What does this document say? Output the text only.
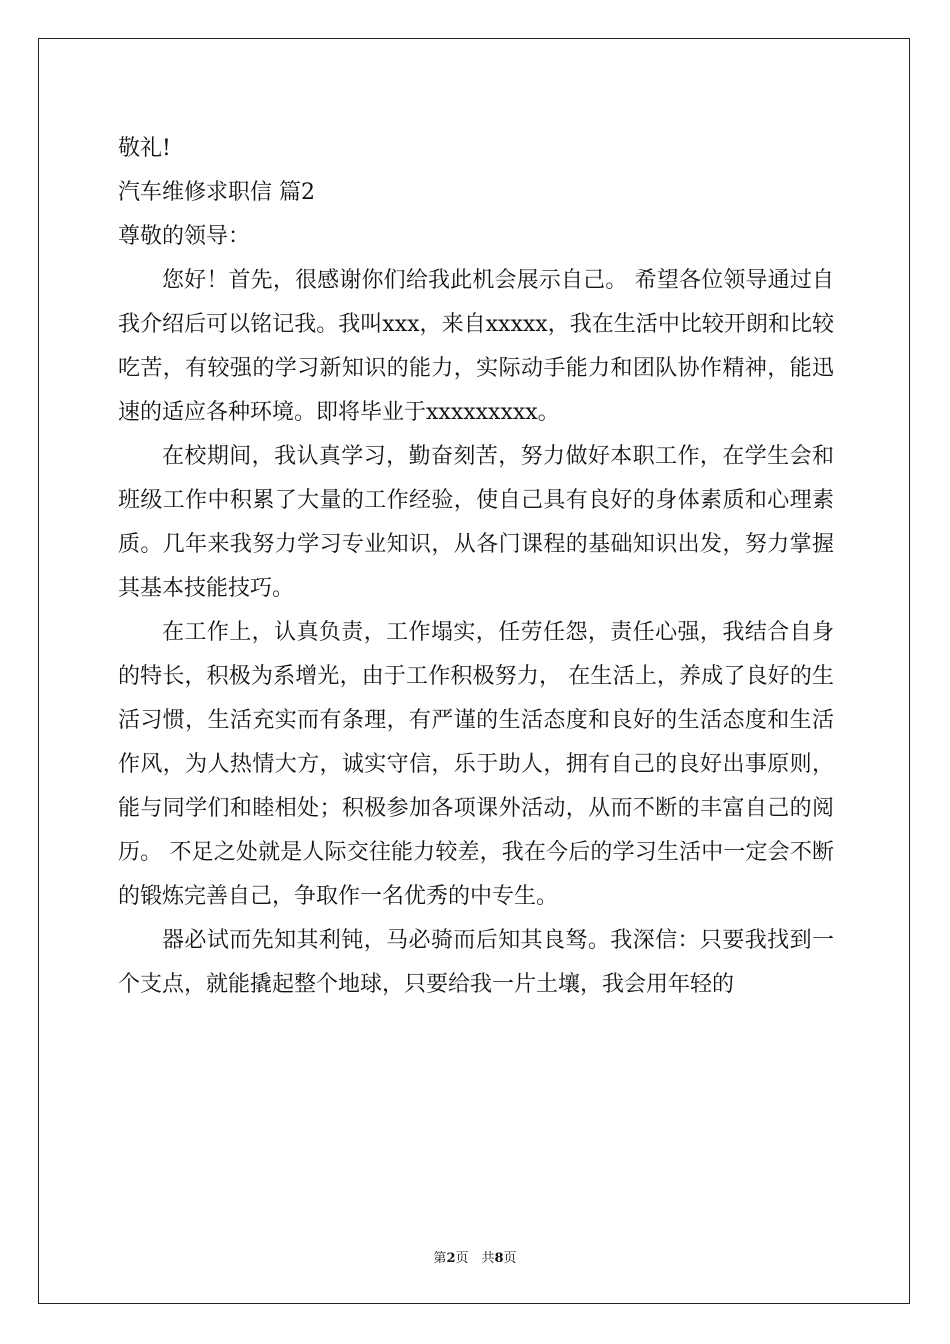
敬礼!

汽车维修求职信 篇2

尊敬的领导：

您好！首先，很感谢你们给我此机会展示自己。 希望各位领导通过自我介绍后可以铭记我。我叫xxx，来自xxxxx，我在生活中比较开朗和比较吃苦，有较强的学习新知识的能力，实际动手能力和团队协作精神，能迅速的适应各种环境。即将毕业于xxxxxxxxx。

在校期间，我认真学习，勤奋刻苦，努力做好本职工作，在学生会和班级工作中积累了大量的工作经验，使自己具有良好的身体素质和心理素质。几年来我努力学习专业知识，从各门课程的基础知识出发，努力掌握其基本技能技巧。

在工作上，认真负责，工作塌实，任劳任怨，责任心强，我结合自身的特长，积极为系增光，由于工作积极努力， 在生活上，养成了良好的生活习惯，生活充实而有条理，有严谨的生活态度和良好的生活态度和生活作风，为人热情大方，诚实守信，乐于助人，拥有自己的良好出事原则，能与同学们和睦相处；积极参加各项课外活动，从而不断的丰富自己的阅历。 不足之处就是人际交往能力较差，我在今后的学习生活中一定会不断的锻炼完善自己，争取作一名优秀的中专生。

器必试而先知其利钝，马必骑而后知其良驽。我深信：只要我找到一个支点，就能撬起整个地球，只要给我一片土壤，我会用年轻的

第2页　共8页
